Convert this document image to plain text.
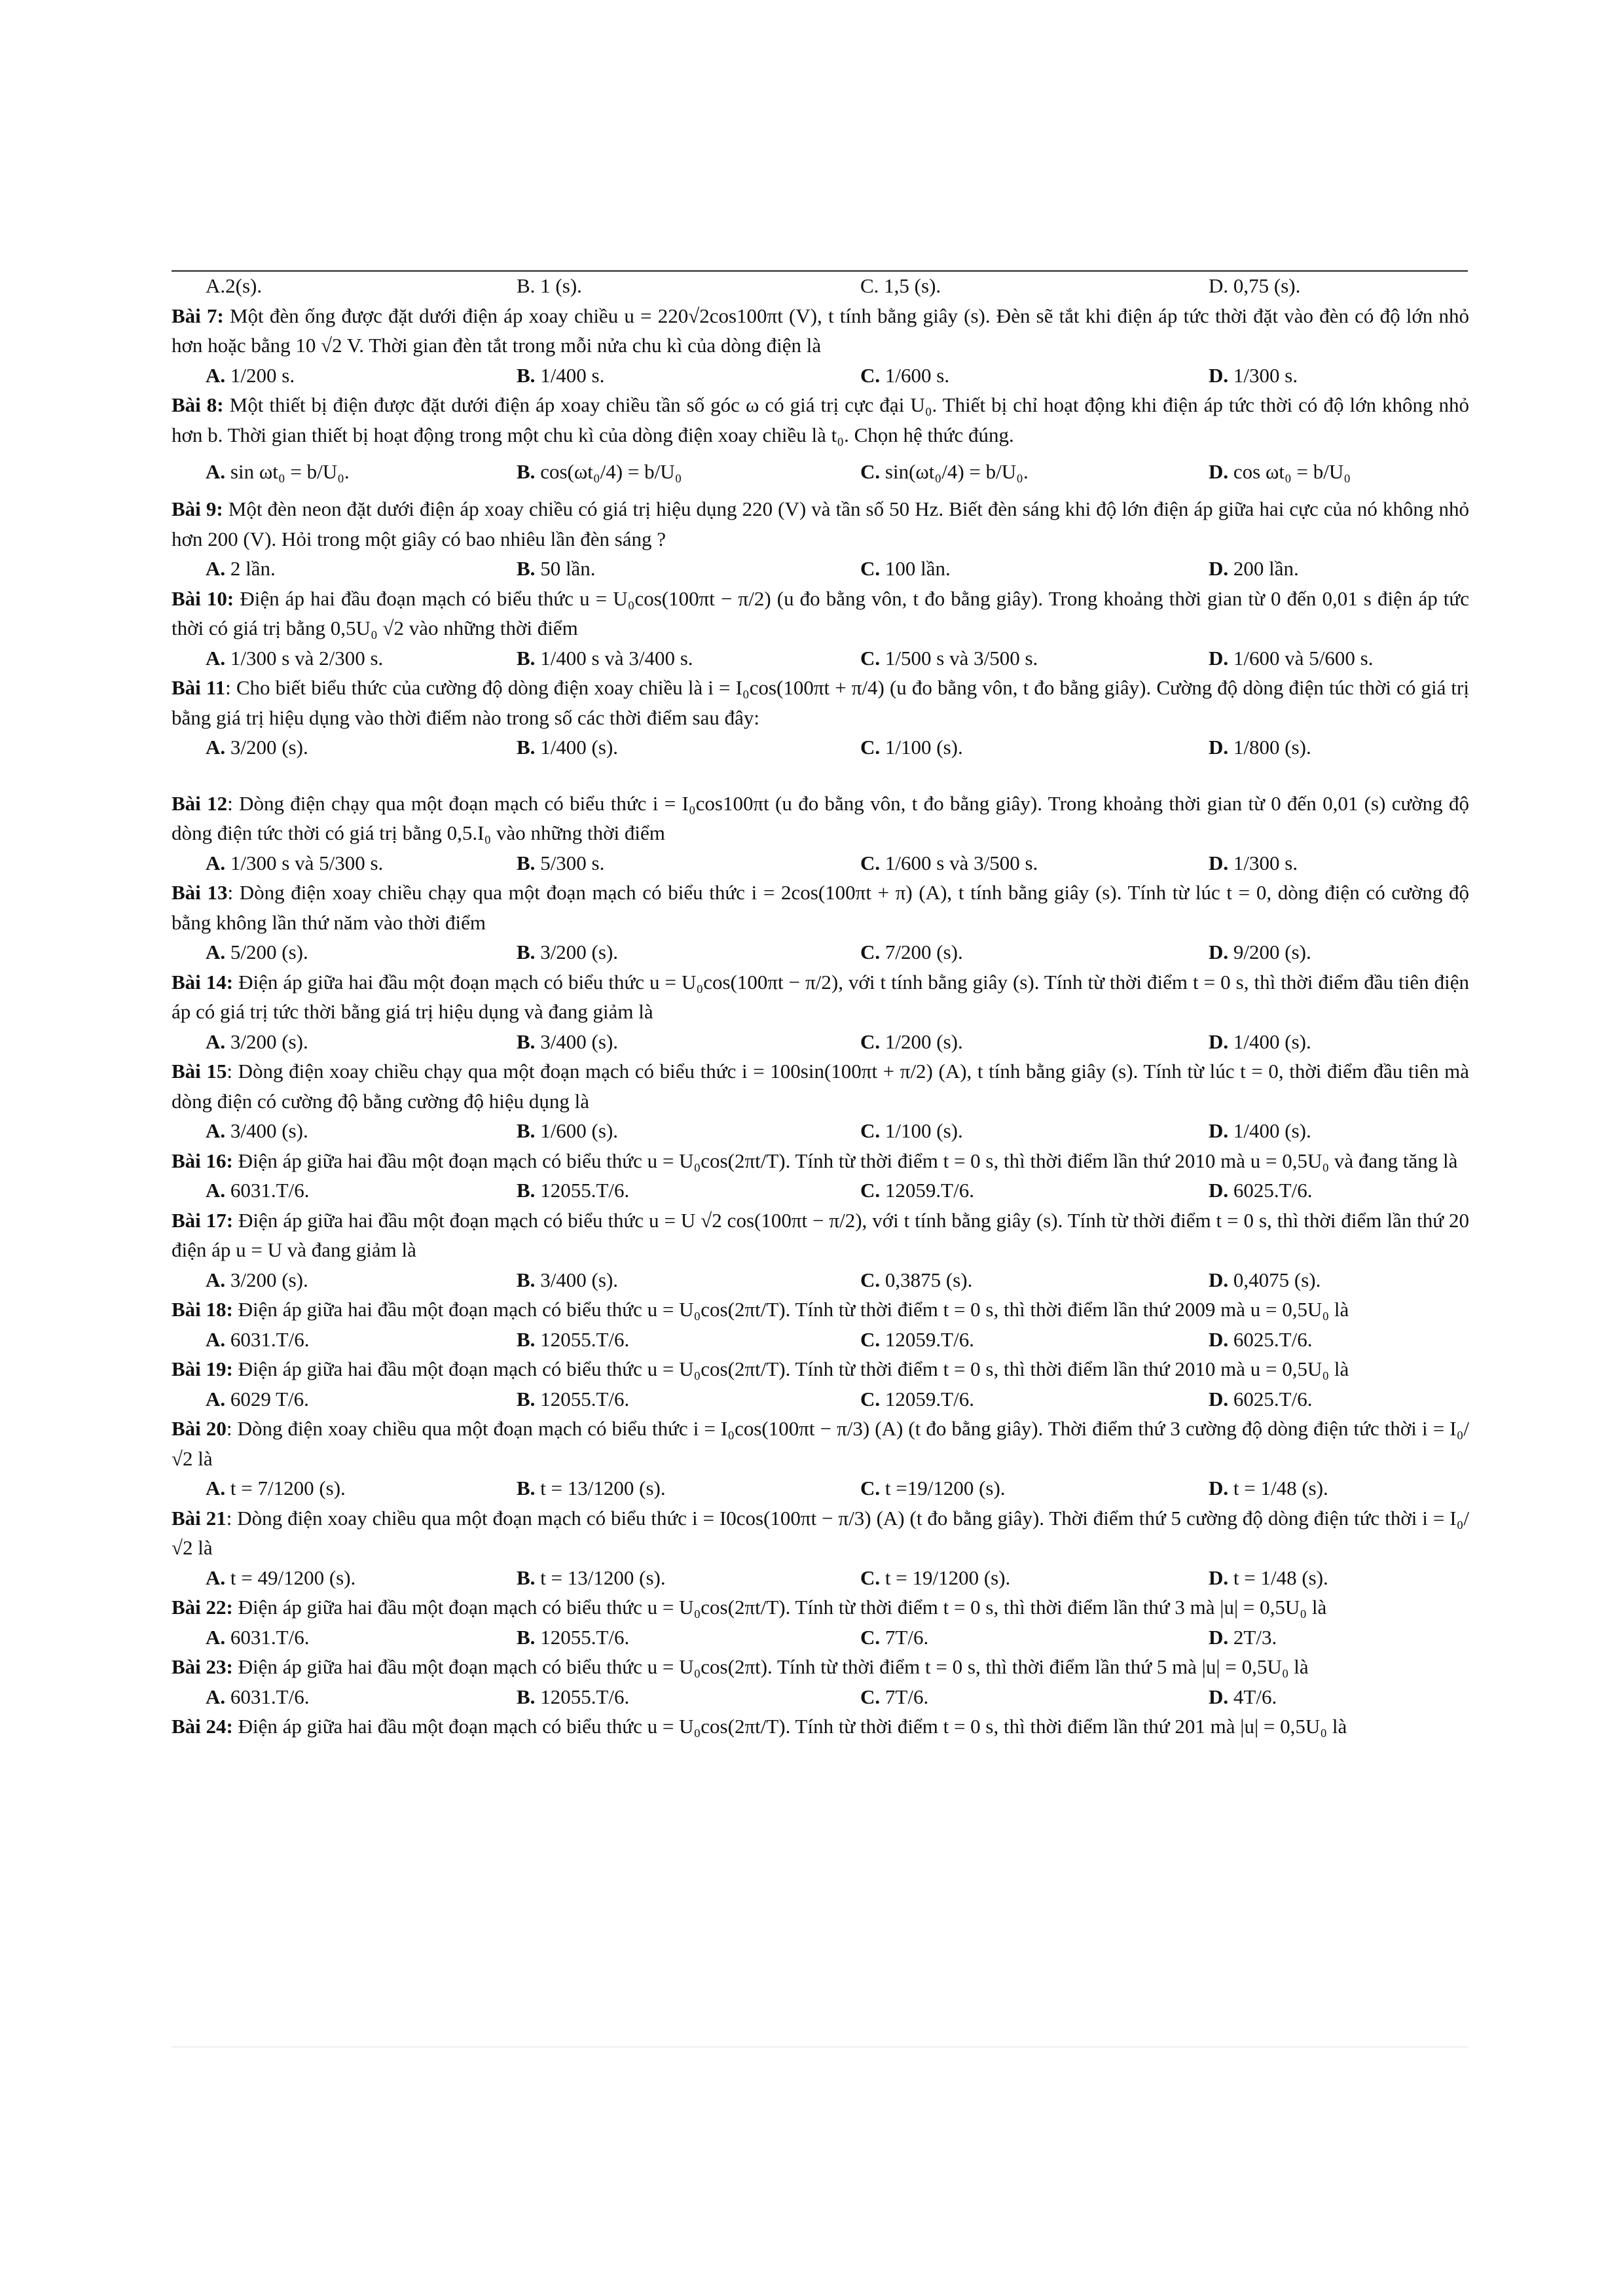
A.2(s).	B. 1 (s).	C. 1,5 (s).	D. 0,75 (s).

Bài 7: Một đèn ống được đặt dưới điện áp xoay chiều u = 220√2cos100πt (V), t tính bằng giây (s). Đèn sẽ tắt khi điện áp tức thời đặt vào đèn có độ lớn nhỏ hơn hoặc bằng 10 √2 V. Thời gian đèn tắt trong mỗi nửa chu kì của dòng điện là

A. 1/200 s.	B. 1/400 s.	C. 1/600 s.	D. 1/300 s.

Bài 8: Một thiết bị điện được đặt dưới điện áp xoay chiều tần số góc ω có giá trị cực đại U₀. Thiết bị chỉ hoạt động khi điện áp tức thời có độ lớn không nhỏ hơn b. Thời gian thiết bị hoạt động trong một chu kì của dòng điện xoay chiều là t₀. Chọn hệ thức đúng.

A. sin ωt₀ = b/U₀.	B. cos(ωt₀/4) = b/U₀	C. sin(ωt₀/4) = b/U₀.	D. cos ωt₀ = b/U₀

Bài 9: Một đèn neon đặt dưới điện áp xoay chiều có giá trị hiệu dụng 220 (V) và tần số 50 Hz. Biết đèn sáng khi độ lớn điện áp giữa hai cực của nó không nhỏ hơn 200 (V). Hỏi trong một giây có bao nhiêu lần đèn sáng ?

A. 2 lần.	B. 50 lần.	C. 100 lần.	D. 200 lần.

Bài 10: Điện áp hai đầu đoạn mạch có biểu thức u = U₀cos(100πt − π/2) (u đo bằng vôn, t đo bằng giây). Trong khoảng thời gian từ 0 đến 0,01 s điện áp tức thời có giá trị bằng 0,5U₀ √2 vào những thời điểm

A. 1/300 s và 2/300 s.	B. 1/400 s và 3/400 s.	C. 1/500 s và 3/500 s.	D. 1/600 và 5/600 s.

Bài 11: Cho biết biểu thức của cường độ dòng điện xoay chiều là i = I₀cos(100πt + π/4) (u đo bằng vôn, t đo bằng giây). Cường độ dòng điện túc thời có giá trị bằng giá trị hiệu dụng vào thời điểm nào trong số các thời điểm sau đây:

A. 3/200 (s).	B. 1/400 (s).	C. 1/100 (s).	D. 1/800 (s).

Bài 12: Dòng điện chạy qua một đoạn mạch có biểu thức i = I₀cos100πt (u đo bằng vôn, t đo bằng giây). Trong khoảng thời gian từ 0 đến 0,01 (s) cường độ dòng điện tức thời có giá trị bằng 0,5.I₀ vào những thời điểm

A. 1/300 s và 5/300 s.	B. 5/300 s.	C. 1/600 s và 3/500 s.	D. 1/300 s.

Bài 13: Dòng điện xoay chiều chạy qua một đoạn mạch có biểu thức i = 2cos(100πt + π) (A), t tính bằng giây (s). Tính từ lúc t = 0, dòng điện có cường độ bằng không lần thứ năm vào thời điểm

A. 5/200 (s).	B. 3/200 (s).	C. 7/200 (s).	D. 9/200 (s).

Bài 14: Điện áp giữa hai đầu một đoạn mạch có biểu thức u = U₀cos(100πt − π/2), với t tính bằng giây (s). Tính từ thời điểm t = 0 s, thì thời điểm đầu tiên điện áp có giá trị tức thời bằng giá trị hiệu dụng và đang giảm là

A. 3/200 (s).	B. 3/400 (s).	C. 1/200 (s).	D. 1/400 (s).

Bài 15: Dòng điện xoay chiều chạy qua một đoạn mạch có biểu thức i = 100sin(100πt + π/2) (A), t tính bằng giây (s). Tính từ lúc t = 0, thời điểm đầu tiên mà dòng điện có cường độ bằng cường độ hiệu dụng là

A. 3/400 (s).	B. 1/600 (s).	C. 1/100 (s).	D. 1/400 (s).

Bài 16: Điện áp giữa hai đầu một đoạn mạch có biểu thức u = U₀cos(2πt/T). Tính từ thời điểm t = 0 s, thì thời điểm lần thứ 2010 mà u = 0,5U₀ và đang tăng là

A. 6031.T/6.	B. 12055.T/6.	C. 12059.T/6.	D. 6025.T/6.

Bài 17: Điện áp giữa hai đầu một đoạn mạch có biểu thức u = U √2 cos(100πt − π/2), với t tính bằng giây (s). Tính từ thời điểm t = 0 s, thì thời điểm lần thứ 20 điện áp u = U và đang giảm là

A. 3/200 (s).	B. 3/400 (s).	C. 0,3875 (s).	D. 0,4075 (s).

Bài 18: Điện áp giữa hai đầu một đoạn mạch có biểu thức u = U₀cos(2πt/T). Tính từ thời điểm t = 0 s, thì thời điểm lần thứ 2009 mà u = 0,5U₀ là

A. 6031.T/6.	B. 12055.T/6.	C. 12059.T/6.	D. 6025.T/6.

Bài 19: Điện áp giữa hai đầu một đoạn mạch có biểu thức u = U₀cos(2πt/T). Tính từ thời điểm t = 0 s, thì thời điểm lần thứ 2010 mà u = 0,5U₀ là

A. 6029 T/6.	B. 12055.T/6.	C. 12059.T/6.	D. 6025.T/6.

Bài 20: Dòng điện xoay chiều qua một đoạn mạch có biểu thức i = I₀cos(100πt − π/3) (A) (t đo bằng giây). Thời điểm thứ 3 cường độ dòng điện tức thời i = I₀/√2 là

A. t = 7/1200 (s).	B. t = 13/1200 (s).	C. t =19/1200 (s).	D. t = 1/48 (s).

Bài 21: Dòng điện xoay chiều qua một đoạn mạch có biểu thức i = I0cos(100πt − π/3) (A) (t đo bằng giây). Thời điểm thứ 5 cường độ dòng điện tức thời i = I₀/√2 là

A. t = 49/1200 (s).	B. t = 13/1200 (s).	C. t = 19/1200 (s).	D. t = 1/48 (s).

Bài 22: Điện áp giữa hai đầu một đoạn mạch có biểu thức u = U₀cos(2πt/T). Tính từ thời điểm t = 0 s, thì thời điểm lần thứ 3 mà |u| = 0,5U₀ là

A. 6031.T/6.	B. 12055.T/6.	C. 7T/6.	D. 2T/3.

Bài 23: Điện áp giữa hai đầu một đoạn mạch có biểu thức u = U₀cos(2πt). Tính từ thời điểm t = 0 s, thì thời điểm lần thứ 5 mà |u| = 0,5U₀ là

A. 6031.T/6.	B. 12055.T/6.	C. 7T/6.	D. 4T/6.

Bài 24: Điện áp giữa hai đầu một đoạn mạch có biểu thức u = U₀cos(2πt/T). Tính từ thời điểm t = 0 s, thì thời điểm lần thứ 201 mà |u| = 0,5U₀ là
